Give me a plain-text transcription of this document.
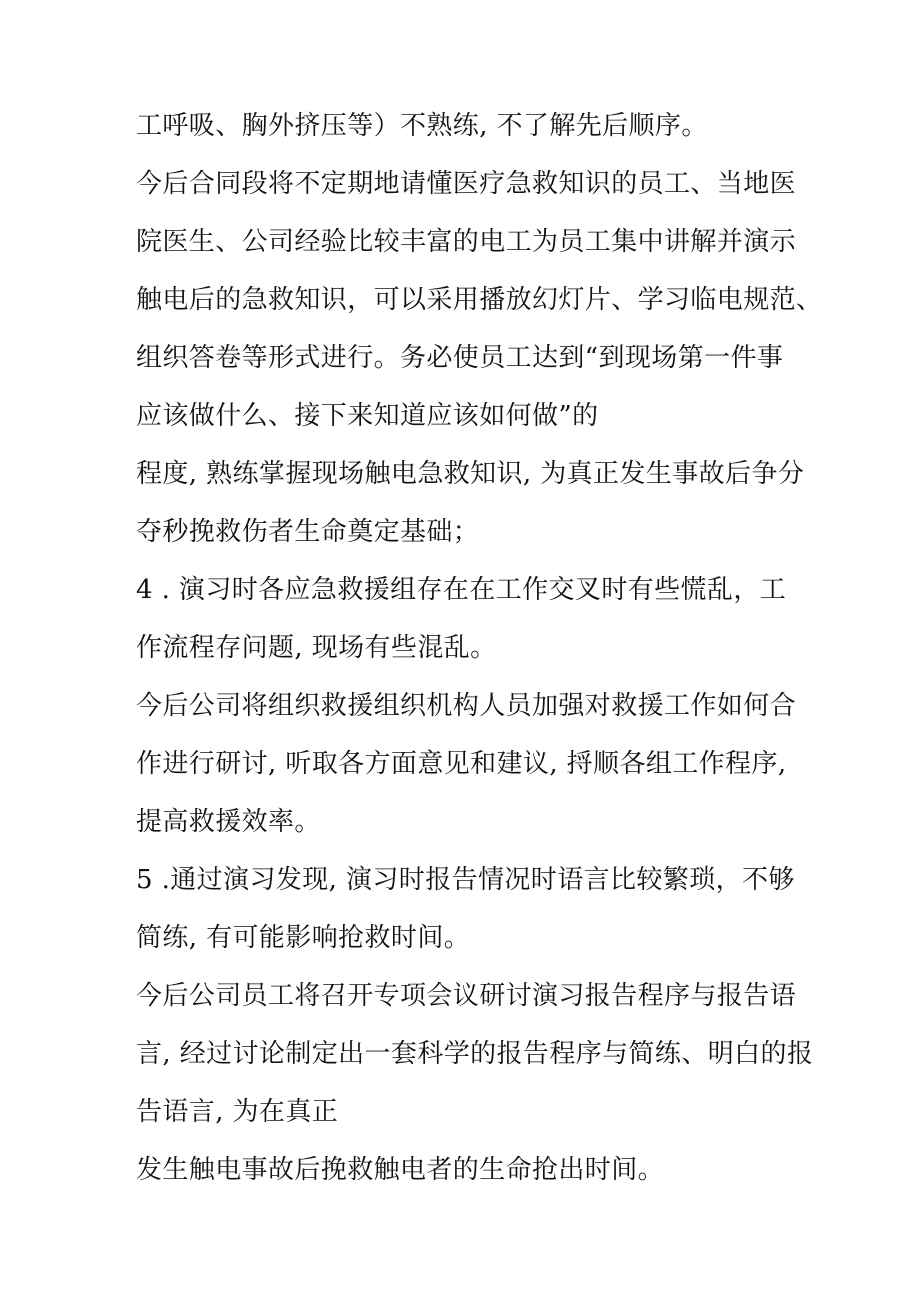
工呼吸、胸外挤压等）不熟练, 不了解先后顺序。
今后合同段将不定期地请懂医疗急救知识的员工、当地医
院医生、公司经验比较丰富的电工为员工集中讲解并演示
触电后的急救知识，可以采用播放幻灯片、学习临电规范、
组织答卷等形式进行。务必使员工达到“到现场第一件事
应该做什么、接下来知道应该如何做”的
程度, 熟练掌握现场触电急救知识, 为真正发生事故后争分
夺秒挽救伤者生命奠定基础；
4 . 演习时各应急救援组存在在工作交叉时有些慌乱，工
作流程存问题, 现场有些混乱。
今后公司将组织救援组织机构人员加强对救援工作如何合
作进行研讨, 听取各方面意见和建议, 捋顺各组工作程序,
提高救援效率。
5 .通过演习发现, 演习时报告情况时语言比较繁琐，不够
简练, 有可能影响抢救时间。
今后公司员工将召开专项会议研讨演习报告程序与报告语
言, 经过讨论制定出一套科学的报告程序与简练、明白的报
告语言, 为在真正
发生触电事故后挽救触电者的生命抢出时间。
